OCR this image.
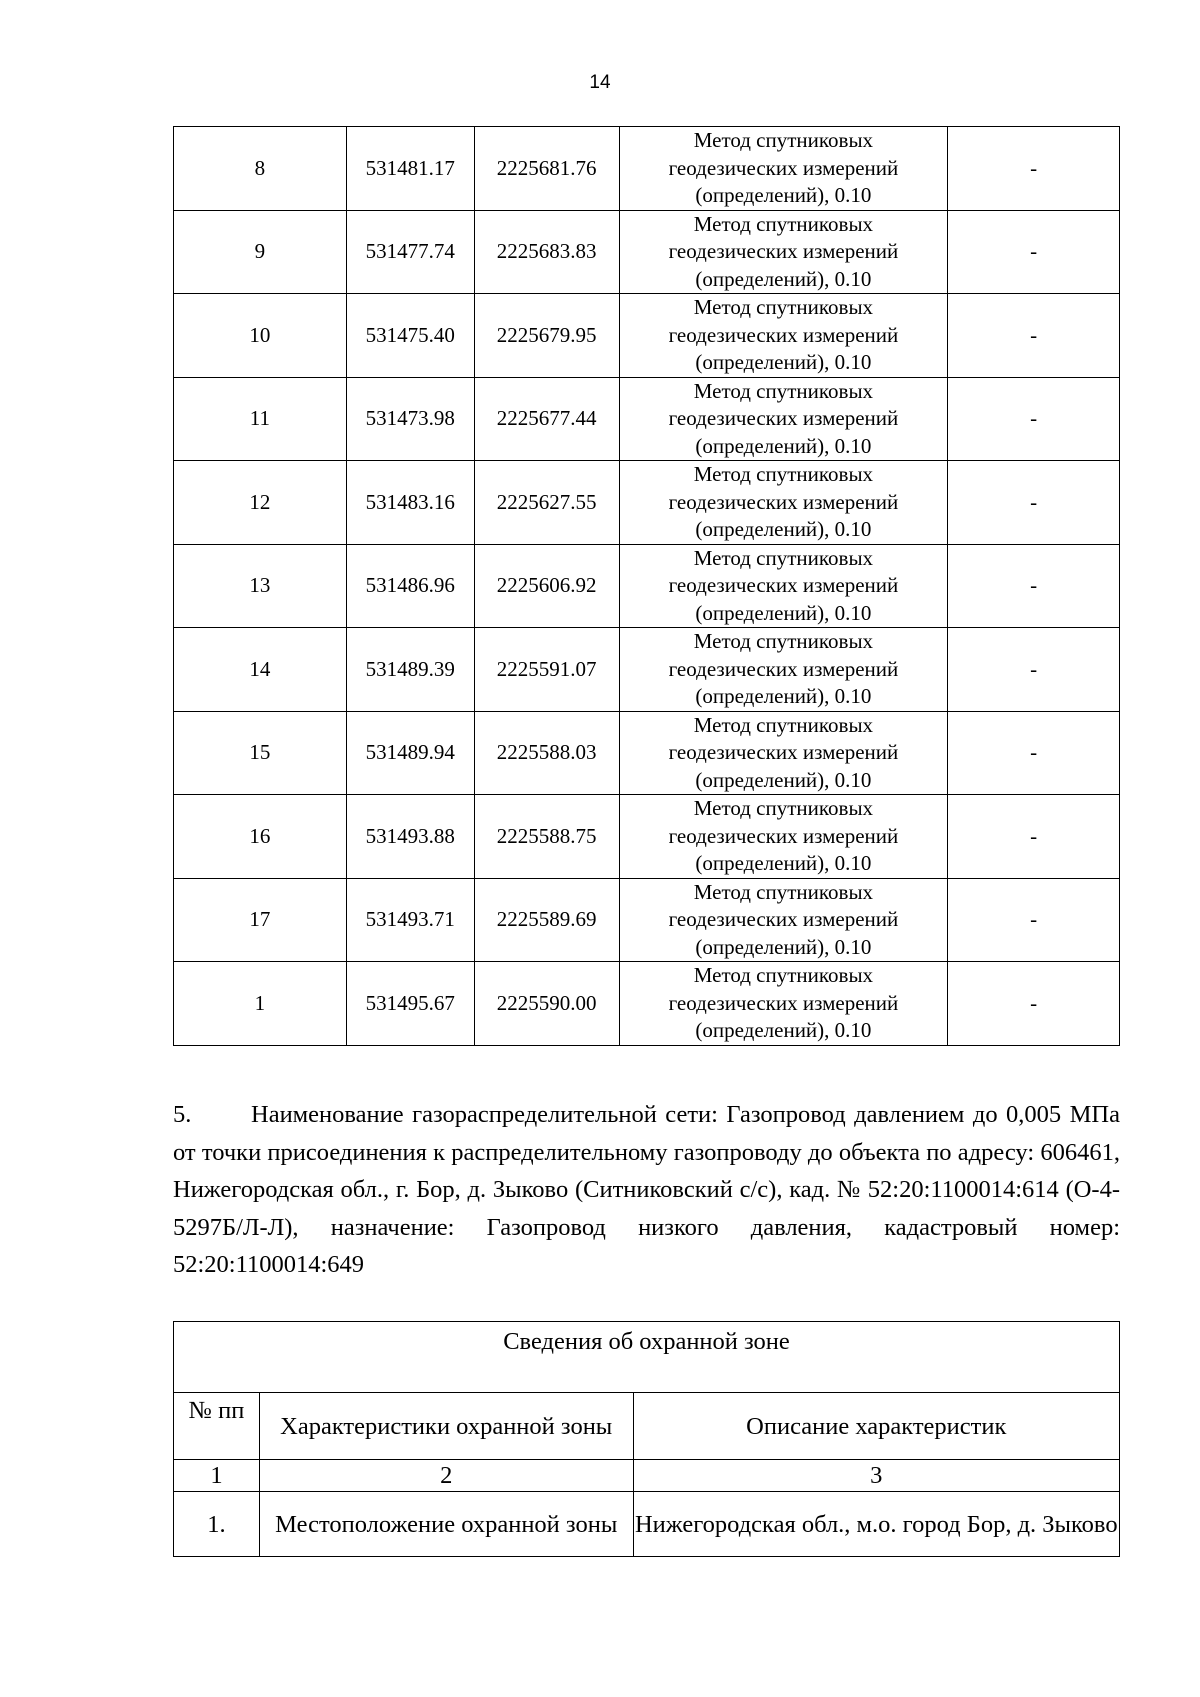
14
8	531481.17	2225681.76	Метод спутниковых
геодезических измерений
(определений), 0.10	-
9	531477.74	2225683.83	Метод спутниковых
геодезических измерений
(определений), 0.10	-
10	531475.40	2225679.95	Метод спутниковых
геодезических измерений
(определений), 0.10	-
11	531473.98	2225677.44	Метод спутниковых
геодезических измерений
(определений), 0.10	-
12	531483.16	2225627.55	Метод спутниковых
геодезических измерений
(определений), 0.10	-
13	531486.96	2225606.92	Метод спутниковых
геодезических измерений
(определений), 0.10	-
14	531489.39	2225591.07	Метод спутниковых
геодезических измерений
(определений), 0.10	-
15	531489.94	2225588.03	Метод спутниковых
геодезических измерений
(определений), 0.10	-
16	531493.88	2225588.75	Метод спутниковых
геодезических измерений
(определений), 0.10	-
17	531493.71	2225589.69	Метод спутниковых
геодезических измерений
(определений), 0.10	-
1	531495.67	2225590.00	Метод спутниковых
геодезических измерений
(определений), 0.10	-
5. Наименование газораспределительной сети: Газопровод давлением до 0,005 МПа от точки присоединения к распределительному газопроводу до объекта по адресу: 606461, Нижегородская обл., г. Бор, д. Зыково (Ситниковский с/с), кад. № 52:20:1100014:614 (О-4-5297Б/Л-Л), назначение: Газопровод низкого давления, кадастровый номер: 52:20:1100014:649
Сведения об охранной зоне		
№ пп	Характеристики охранной зоны	Описание характеристик
1	2	3
1.	Местоположение охранной зоны	Нижегородская обл., м.о. город Бор, д. Зыково
